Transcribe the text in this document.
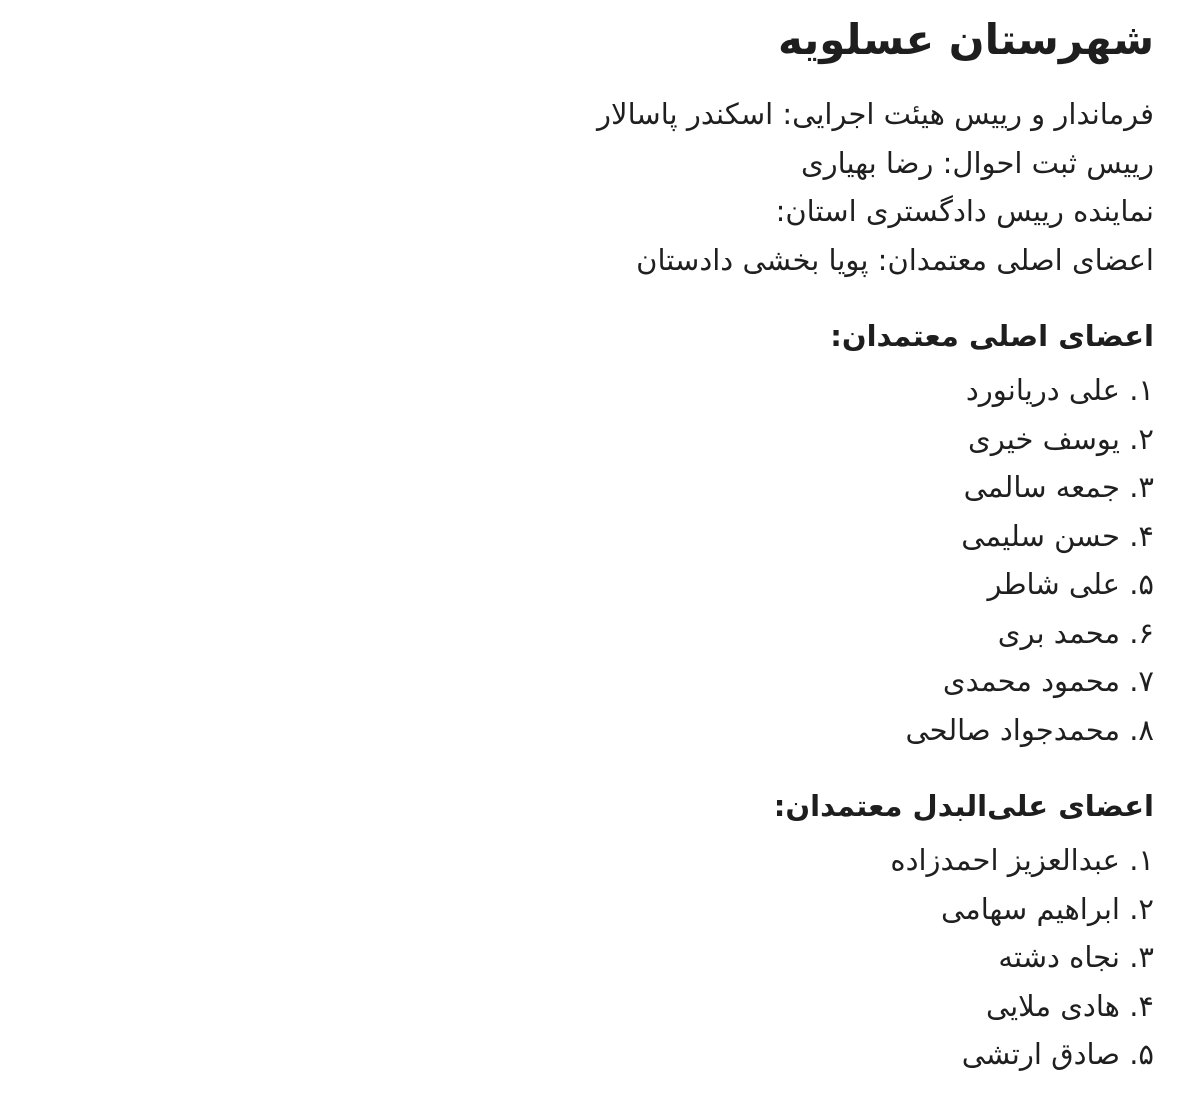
شهرستان عسلویه

فرماندار و رییس هیئت اجرایی: اسکندر پاسالار

رییس ثبت احوال: رضا بهیاری

نماینده رییس دادگستری استان:

اعضای اصلی معتمدان: پویا بخشی دادستان

اعضای اصلی معتمدان:
۱. علی دریانورد
۲. یوسف خیری
۳. جمعه سالمی
۴. حسن سلیمی
۵. علی شاطر
۶. محمد بری
۷. محمود محمدی
۸. محمدجواد صالحی
اعضای علی‌البدل معتمدان:
۱. عبدالعزیز احمدزاده
۲. ابراهیم سهامی
۳. نجاه دشته
۴. هادی ملایی
۵. صادق ارتشی
